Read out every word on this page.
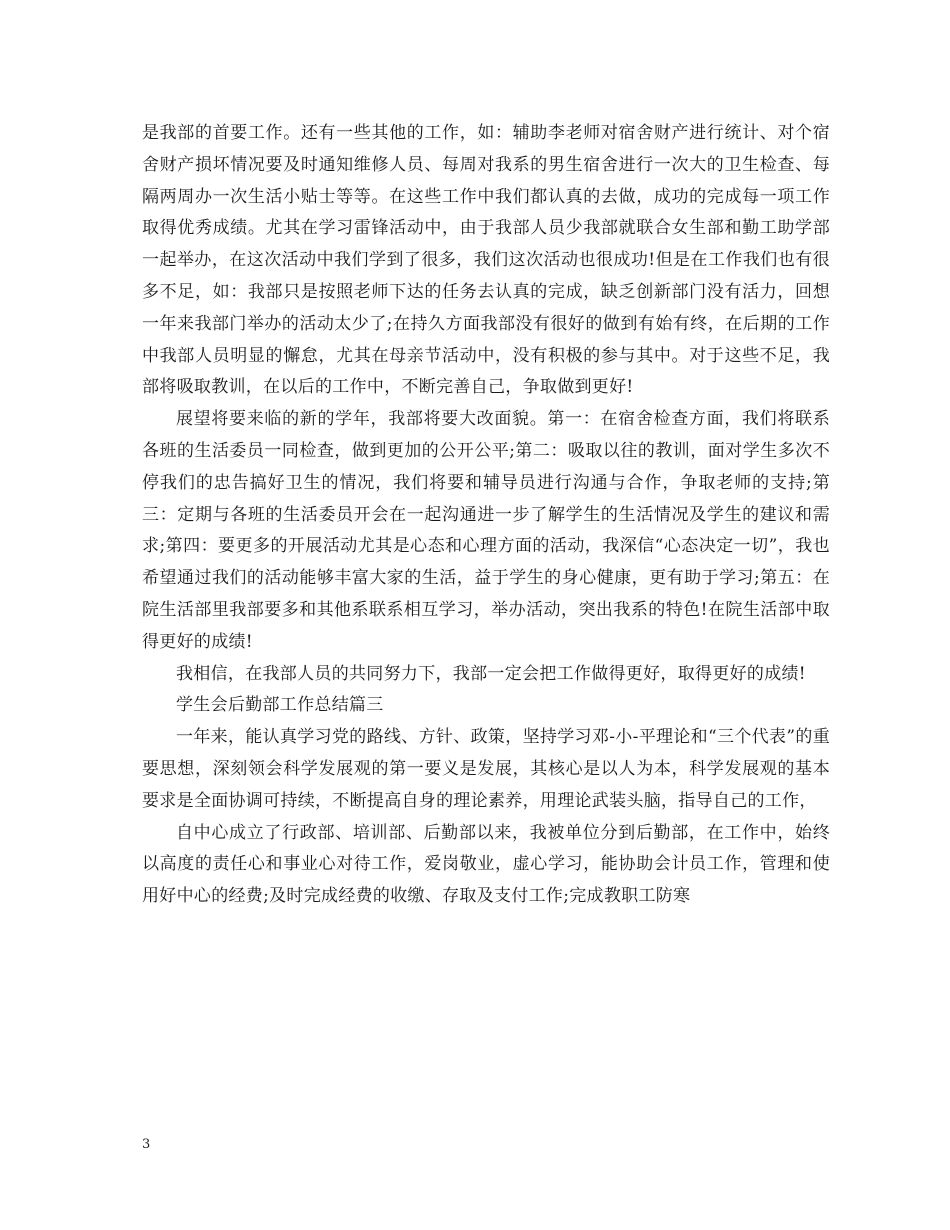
是我部的首要工作。还有一些其他的工作，如：辅助李老师对宿舍财产进行统计、对个宿舍财产损坏情况要及时通知维修人员、每周对我系的男生宿舍进行一次大的卫生检查、每隔两周办一次生活小贴士等等。在这些工作中我们都认真的去做，成功的完成每一项工作取得优秀成绩。尤其在学习雷锋活动中，由于我部人员少我部就联合女生部和勤工助学部一起举办，在这次活动中我们学到了很多，我们这次活动也很成功!但是在工作我们也有很多不足，如：我部只是按照老师下达的任务去认真的完成，缺乏创新部门没有活力，回想一年来我部门举办的活动太少了;在持久方面我部没有很好的做到有始有终，在后期的工作中我部人员明显的懈怠，尤其在母亲节活动中，没有积极的参与其中。对于这些不足，我部将吸取教训，在以后的工作中，不断完善自己，争取做到更好!

展望将要来临的新的学年，我部将要大改面貌。第一：在宿舍检查方面，我们将联系各班的生活委员一同检查，做到更加的公开公平;第二：吸取以往的教训，面对学生多次不停我们的忠告搞好卫生的情况，我们将要和辅导员进行沟通与合作，争取老师的支持;第三：定期与各班的生活委员开会在一起沟通进一步了解学生的生活情况及学生的建议和需求;第四：要更多的开展活动尤其是心态和心理方面的活动，我深信“心态决定一切”，我也希望通过我们的活动能够丰富大家的生活，益于学生的身心健康，更有助于学习;第五：在院生活部里我部要多和其他系联系相互学习，举办活动，突出我系的特色!在院生活部中取得更好的成绩!

我相信，在我部人员的共同努力下，我部一定会把工作做得更好，取得更好的成绩!

学生会后勤部工作总结篇三

一年来，能认真学习党的路线、方针、政策，坚持学习邓-小-平理论和“三个代表”的重要思想，深刻领会科学发展观的第一要义是发展，其核心是以人为本，科学发展观的基本要求是全面协调可持续，不断提高自身的理论素养，用理论武装头脑，指导自己的工作，

自中心成立了行政部、培训部、后勤部以来，我被单位分到后勤部，在工作中，始终以高度的责任心和事业心对待工作，爱岗敬业，虚心学习，能协助会计员工作，管理和使用好中心的经费;及时完成经费的收缴、存取及支付工作;完成教职工防寒

3
